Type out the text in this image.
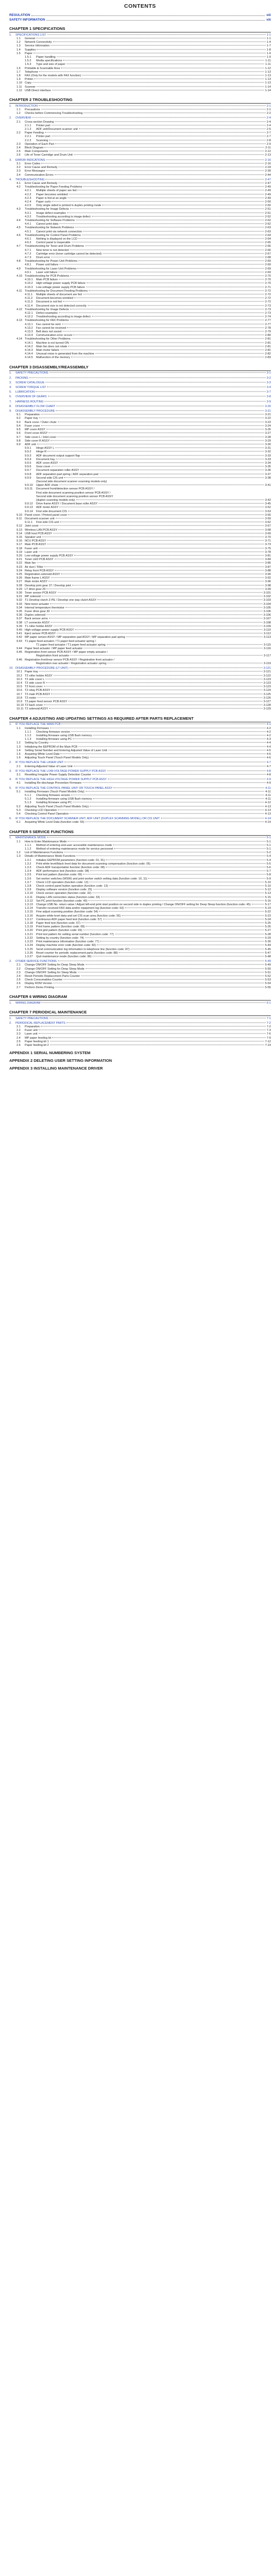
CONTENTS
REGULATION	xiii
SAFETY INFORMATION	xiii
CHAPTER 1 SPECIFICATIONS
1.	SPECIFICATIONS LIST	1-1
1.1	General	1-1
1.2	Network Connectivity	1-4
1.3	Service Information	1-7
1.4	Supplies	1-8
1.5	Paper	1-9
1.5.1	Paper handling	1-9
1.5.2	Media specifications	1-11
1.5.3	Type and size of paper	1-11
1.6	Printable & Scannable Area	1-12
1.7	Telephone	1-13
1.8	FAX (Only for the models with FAX function)	1-13
1.9	Printer	1-13
1.10 Copy	1-13
1.11 Scanner	1-14
1.12 USB Direct interface	1-14
CHAPTER 2 TROUBLESHOOTING
1.	INTRODUCTION	2-1
1.1	Precautions	2-1
1.2	Checks before Commencing Troubleshooting	2-2
2.	OVERVIEW	2-4
2.1	Cross-section Drawing	2-4
2.1.1	Printer part	2-4
2.1.2	ADF unit/Document scanner unit	2-5
2.2	Paper Feeding	2-7
2.2.1	Printer part	2-7
2.2.2	Scanning	2-8
2.3	Operation of Each Part	2-9
2.4	Block Diagram	2-11
2.5	Main Components	2-12
2.6	Life of Toner Cartridge and Drum Unit	2-13
3.	ERROR INDICATIONS	2-16
3.1	Error Codes	2-16
3.2	Error Cause and Remedy	2-24
3.3	Error Messages	2-39
3.4	Communication Errors	2-44
4.	TROUBLESHOOTING	2-47
4.1	Error Cause and Remedy	2-47
4.2	Troubleshooting for Paper Feeding Problems	2-49
4.2.1	Multiple sheets of paper are fed	2-49
4.2.2	Paper becomes wrinkled	2-49
4.2.3	Paper is fed at an angle	2-49
4.2.4	Paper curls	2-50
4.2.5	Only single sided is printed in duplex printing mode	2-50
4.3	Troubleshooting for Image Defects	2-51
4.3.1	Image defect examples	2-51
4.3.2	Troubleshooting according to image defect	2-52
4.4	Troubleshooting for Software Problems	2-62
4.4.1	Cannot print data	2-62
4.5	Troubleshooting for Network Problems	2-63
4.5.1	Cannot print via network connection	2-63
4.6	Troubleshooting for Control Panel Problems	2-64
4.6.1	Nothing is displayed on the LCD	2-64
4.6.2	Control panel is inoperable	2-65
4.7	Troubleshooting for Toner and Drum Problems	2-66
4.7.1	New toner is not detected	2-66
4.7.2	Cartridge error (toner cartridge cannot be detected)	2-67
4.7.3	Drum error	2-68
4.8	Troubleshooting for Power Unit Problems	2-69
4.8.1	Power unit failure	2-69
4.9	Troubleshooting for Laser Unit Problems	2-69
4.9.1	Laser unit failure	2-69
4.10 Troubleshooting for PCB Problems	2-70
4.10.1	Main PCB failure	2-70
4.10.2	High-voltage power supply PCB failure	2-70
4.10.3	Low-voltage power supply PCB failure	2-71
4.11 Troubleshooting for Document Feeding Problems	2-72
4.11.1	Multiple sheets of document are fed	2-72
4.11.2	Document becomes wrinkled	2-72
4.11.3	Document is not fed	2-72
4.11.4	Document size is not detected correctly	2-73
4.12 Troubleshooting for Image Defects	2-73
4.12.1	Defect examples	2-73
4.12.2	Troubleshooting according to image defect	2-74
4.13 Troubleshooting for FAX Problems	2-77
4.13.1	Fax cannot be sent	2-77
4.13.2	Fax cannot be received	2-78
4.13.3	Bell does not sound	2-79
4.13.4	Communication error occurs	2-80
4.14 Troubleshooting for Other Problems	2-81
4.14.1	Machine is not turned ON	2-81
4.14.2	Main fan does not rotate	2-81
4.14.3	Main motor failure	2-81
4.14.4	Unusual noise is generated from the machine	2-82
4.14.5	Malfunction of the memory	2-83
CHAPTER 3 DISASSEMBLY/REASSEMBLY
1.	SAFETY PRECAUTIONS	3-1
2.	PACKING	3-2
3.	SCREW CATALOGUE	3-3
4.	SCREW TORQUE LIST	3-4
5.	LUBRICATION	3-7
6.	OVERVIEW OF GEARS	3-8
7.	HARNESS ROUTING	3-9
8.	DISASSEMBLY FLOW CHART	3-20
9.	DISASSEMBLY PROCEDURE	3-21
9.1	Preparation	3-21
9.2	Paper tray	3-22
9.3	Back cover / Outer chute	3-23
9.4	Fuser cover	3-24
9.5	MP cover ASSY	3-26
9.6	Front cover ASSY	3-27
9.7	Side cover L / Inlet cover	3-28
9.8	Side cover R ASSY	3-29
9.9	ADF unit	3-30
9.9.1	Hinge ASSY L	3-31
9.9.2	Hinge R	3-32
9.9.3	ADF document output support flap	3-33
9.9.4	Document tray	3-33
9.9.5	ADF cover ASSY	3-34
9.9.6	Gear cover	3-35
9.9.7	Document separation roller ASSY	3-36
9.9.8	ADF separation pad spring / ADF separation pad	3-37
9.9.9	Second side CIS unit	3-38
(Second side document scanner scanning models only)
9.9.10	Upper ADF chute	3-41
9.9.11	Document front/detection sensor PCB ASSY /
First side document scanning position sensor PCB ASSY /
Second side document scanning position sensor PCB ASSY
(duplex scanning models only)	3-42
9.9.12	Drive frame ASSY / Document base roller ASSY	3-45
9.9.13	ADF motor ASSY	3-52
9.9.14	First side document CIS	3-53
9.10 Panel cover / Printed panel cover	3-55
9.11 Document scanner unit	3-59
9.11.1	First side CIS unit	3-62
9.12 Joint cover	3-67
9.13 Wireless LAN PCB ASSY	3-68
9.14 USB host PCB ASSY	3-69
9.15 Speaker unit	3-70
9.16 NCU PCB ASSY	3-71
9.17 Main PCB ASSY	3-73
9.18 Fuser unit	3-75
9.19 Laser unit	3-78
9.20 Low-voltage power supply PCB ASSY	3-81
9.21 Toner LED PCB ASSY	3-84
9.22 Main fan	3-86
9.23 Air duct / Filter	3-87
9.24 Relay front PCB ASSY	3-88
9.25 Registration solenoid ASSY	3-90
9.26 Main frame L ASSY	3-92
9.27 Main motor ASSY	3-96
9.28 Develop joint gear 37 / Develop joint	3-98
9.29 LT drive gear 29	3-99
9.30 Toner sensor PCB ASSY	3-101
9.31 MP solenoid	3-102
9.32 T1 Develop clutch Z-PE / Develop one way clutch ASSY	3-103
9.33 New toner actuator	3-104
9.34 Internal temperature thermistor	3-105
9.35 Fuser drive gear 30	3-106
9.36 Duplex solenoid	3-106
9.37 Back sensor arms	3-107
9.38 LT connector ASSY	3-108
9.39 T1 roller holder ASSY	3-109
9.40 High-voltage power supply PCB ASSY	3-110
9.41 Eject sensor PCB ASSY	3-112
9.42 MP paper sensor ASSY / MP separation pad ASSY / MP separation pad spring	3-113
9.43 T1 paper feed actuator / T1 paper feed actuator spring /
T1 paper feed actuator / T1 paper feed actuator spring	3-115
9.44 Paper feed actuator / MP paper feed actuator	3-116
9.45 Registration front sensor PCB ASSY / MP paper empty actuator /
Registration front actuator	3-117
9.46 Registration front/rear sensor PCB ASSY / Registration front actuator /
Registration rear actuator / Registration actuator spring	3-119
10. DISASSEMBLY PROCEDURE (LT UNIT)	3-121
10.1 Paper tray	3-121
10.2 T2 roller holder ASSY	3-122
10.3 T2 side cover L	3-123
10.4 T2 side cover R	3-123
10.5 T2 front cover	3-123
10.6 T2 relay PCB ASSY	3-124
10.7 T2 main PCB ASSY	3-125
10.8 T2 motor	3-126
10.9 T2 paper feed sensor PCB ASSY	3-127
10.10 T2 back cover	3-128
10.11 T2 solenoid ASSY	3-129
CHAPTER 4 ADJUSTING AND UPDATING SETTINGS AS REQUIRED AFTER PARTS REPLACEMENT
1.	IF YOU REPLACE THE MAIN PCB	4-1
1.1	Installing Firmware	4-2
1.1.1	Checking firmware version	4-2
1.1.2	Installing firmware using USB flash memory	4-2
1.1.3	Installing firmware using PC	4-3
1.2	Setting by Country	4-4
1.3	Initializing the EEPROM of the Main PCB	4-4
1.4	Setting Serial Number and Entering Adjusted Value of Laser Unit	4-5
1.5	Acquiring White Level Data	4-6
1.6	Adjusting Touch Panel (Touch Panel Models Only)	4-6
2.	IF YOU REPLACE THE LASER UNIT	4-7
2.1	Entering Adjusted Value of Laser Unit	4-7
3.	IF YOU REPLACE THE LOW-VOLTAGE POWER SUPPLY PCB ASSY	4-8
3.1	Resetting Irregular Power Supply Detection Counter	4-8
4.	IF YOU REPLACE THE HIGH-VOLTAGE POWER SUPPLY PCB ASSY	4-9
4.1	Installing Re-discharge Prevention Firmware	4-9
5.	IF YOU REPLACE THE CONTROL PANEL UNIT OR TOUCH PANEL ASSY	4-11
5.1	Installing Firmware (Touch Panel Models Only)	4-11
5.1.1	Checking firmware version	4-11
5.1.2	Installing firmware using USB flash memory	4-11
5.1.3	Installing firmware using PC	4-12
5.2	Adjusting Touch Panel (Touch Panel Models Only)	4-13
5.3	Checking LCD Operation	4-13
5.4	Checking Control Panel Operation	4-13
6.	IF YOU REPLACE THE DOCUMENT SCANNER UNIT, ADF UNIT (DUPLEX SCANNING MODEL) OR CIS UNIT	4-14
6.1	Acquiring White Level Data (function code: 55)	4-14
CHAPTER 5 SERVICE FUNCTIONS
1.	MAINTENANCE MODE	5-1
1.1	How to Enter Maintenance Mode	5-1
1.1.1	Method of entering end-user accessible maintenance mode	5-1
1.1.2	Method of entering maintenance mode for service personnel	5-1
1.2	List of Maintenance Functions	5-2
1.3	Details of Maintenance Mode Functions	5-4
1.3.1	Initialize EEPROM parameters (function code: 01, 91)	5-4
1.3.2	Print white level/black level data for document scanning compensation (function code: 05)	5-5
1.3.3	Check ADF transportation function (function code: 08)	5-6
1.3.4	ADF performance test (function code: 08)	5-7
1.3.5	Print test pattern (function code: 09)	5-8
1.3.6	Set worker switches (WSW) and print worker switch setting data (function code: 10, 11)	5-9
1.3.7	Check LCD operation (function code: 12)	5-10
1.3.8	Check control panel button operation (function code: 13)	5-10
1.3.9	Display software version (function code: 25)	5-12
1.3.10	Check sensor operation (function code: 32)	5-13
1.3.11	Display LAN connection status (function code: 33)	5-15
1.3.12	Set PC print function (function code: 43)	5-16
1.3.13	Change USB No. return value / Adjust left-end print start position on second side in duplex printing / Change ON/OFF setting for Deep Sleep function (function code: 45)	5-17
1.3.14	Transfer received FAX data and/or equipment log (function code: 53)	5-19
1.3.15	Fine adjust scanning position (function code: 54)	5-22
1.3.16	Acquire white level data and set CIS scan area (function code: 55)	5-23
1.3.17	Continuous ADF paper feed test (function code: 57)	5-24
1.3.18	Paper feed test (function code: 67)	5-25
1.3.19	Print frame pattern (function code: 68)	5-26
1.3.20	Print grid pattern (function code: 69)	5-27
1.3.21	Print test pattern for setting serial number (function code: 77)	5-28
1.3.22	Setting by country (function code: 74)	5-29
1.3.23	Print maintenance information (function code: 77)	5-30
1.3.24	Display machine error code (function code: 82)	5-44
1.3.25	Send communication log information to telephone line (function code: 87)	5-45
1.3.26	Reset counter for periodic replacement parts (function code: 88)	5-47
1.3.27	Quit maintenance mode (function code: 99)	5-48
2.	OTHER SERVICE FUNCTIONS	5-49
2.1	Change ON/OFF Setting for Deep Sleep Mode	5-49
2.2	Change ON/OFF Setting for Deep Sleep Mode	5-50
2.3	Change ON/OFF Setting for Sleep Mode	5-51
2.4	Reset Periodic Replacement Parts Counter	5-52
2.5	Check Consumables Counter	5-53
2.6	Display ROM Version	5-54
2.7	Perform Demo Printing	5-55
CHAPTER 6 WIRING DIAGRAM
1.	WIRING DIAGRAM	6-1
CHAPTER 7 PERIODICAL MAINTENANCE
1.	SAFETY PRECAUTIONS	7-1
2.	PERIODICAL REPLACEMENT PARTS	7-2
2.1	Preparation	7-2
2.2	Fuser unit	7-3
2.3	Laser unit	7-6
2.4	MP paper feeding kit	7-9
2.5	Paper feeding kit 1	7-12
2.6	Paper feeding kit 2	7-14
APPENDIX 1 SERIAL NUMBERING SYSTEM
APPENDIX 2 DELETING USER SETTING INFORMATION
APPENDIX 3 INSTALLING MAINTENANCE DRIVER
